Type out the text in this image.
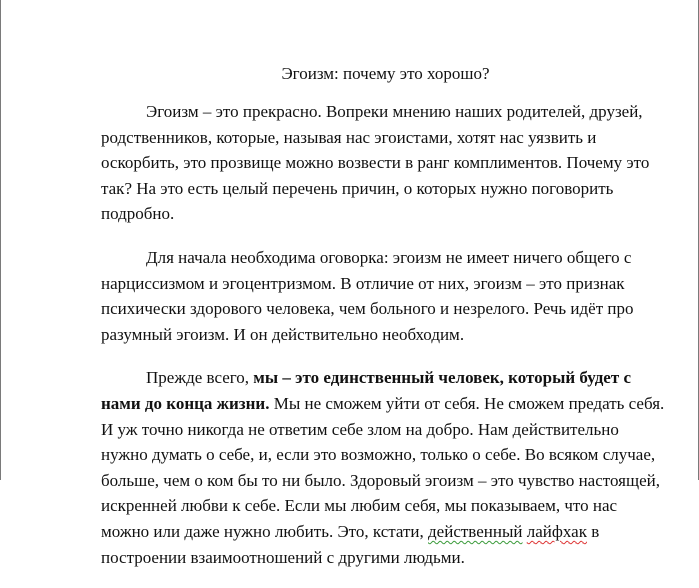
Эгоизм: почему это хорошо?

Эгоизм – это прекрасно. Вопреки мнению наших родителей, друзей,
родственников, которые, называя нас эгоистами, хотят нас уязвить и
оскорбить, это прозвище можно возвести в ранг комплиментов. Почему это
так? На это есть целый перечень причин, о которых нужно поговорить
подробно.

Для начала необходима оговорка: эгоизм не имеет ничего общего с
нарциссизмом и эгоцентризмом. В отличие от них, эгоизм – это признак
психически здорового человека, чем больного и незрелого. Речь идёт про
разумный эгоизм. И он действительно необходим.

Прежде всего, мы – это единственный человек, который будет с
нами до конца жизни. Мы не сможем уйти от себя. Не сможем предать себя.
И уж точно никогда не ответим себе злом на добро. Нам действительно
нужно думать о себе, и, если это возможно, только о себе. Во всяком случае,
больше, чем о ком бы то ни было. Здоровый эгоизм – это чувство настоящей,
искренней любви к себе. Если мы любим себя, мы показываем, что нас
можно или даже нужно любить. Это, кстати, действенный лайфхак в
построении взаимоотношений с другими людьми.
